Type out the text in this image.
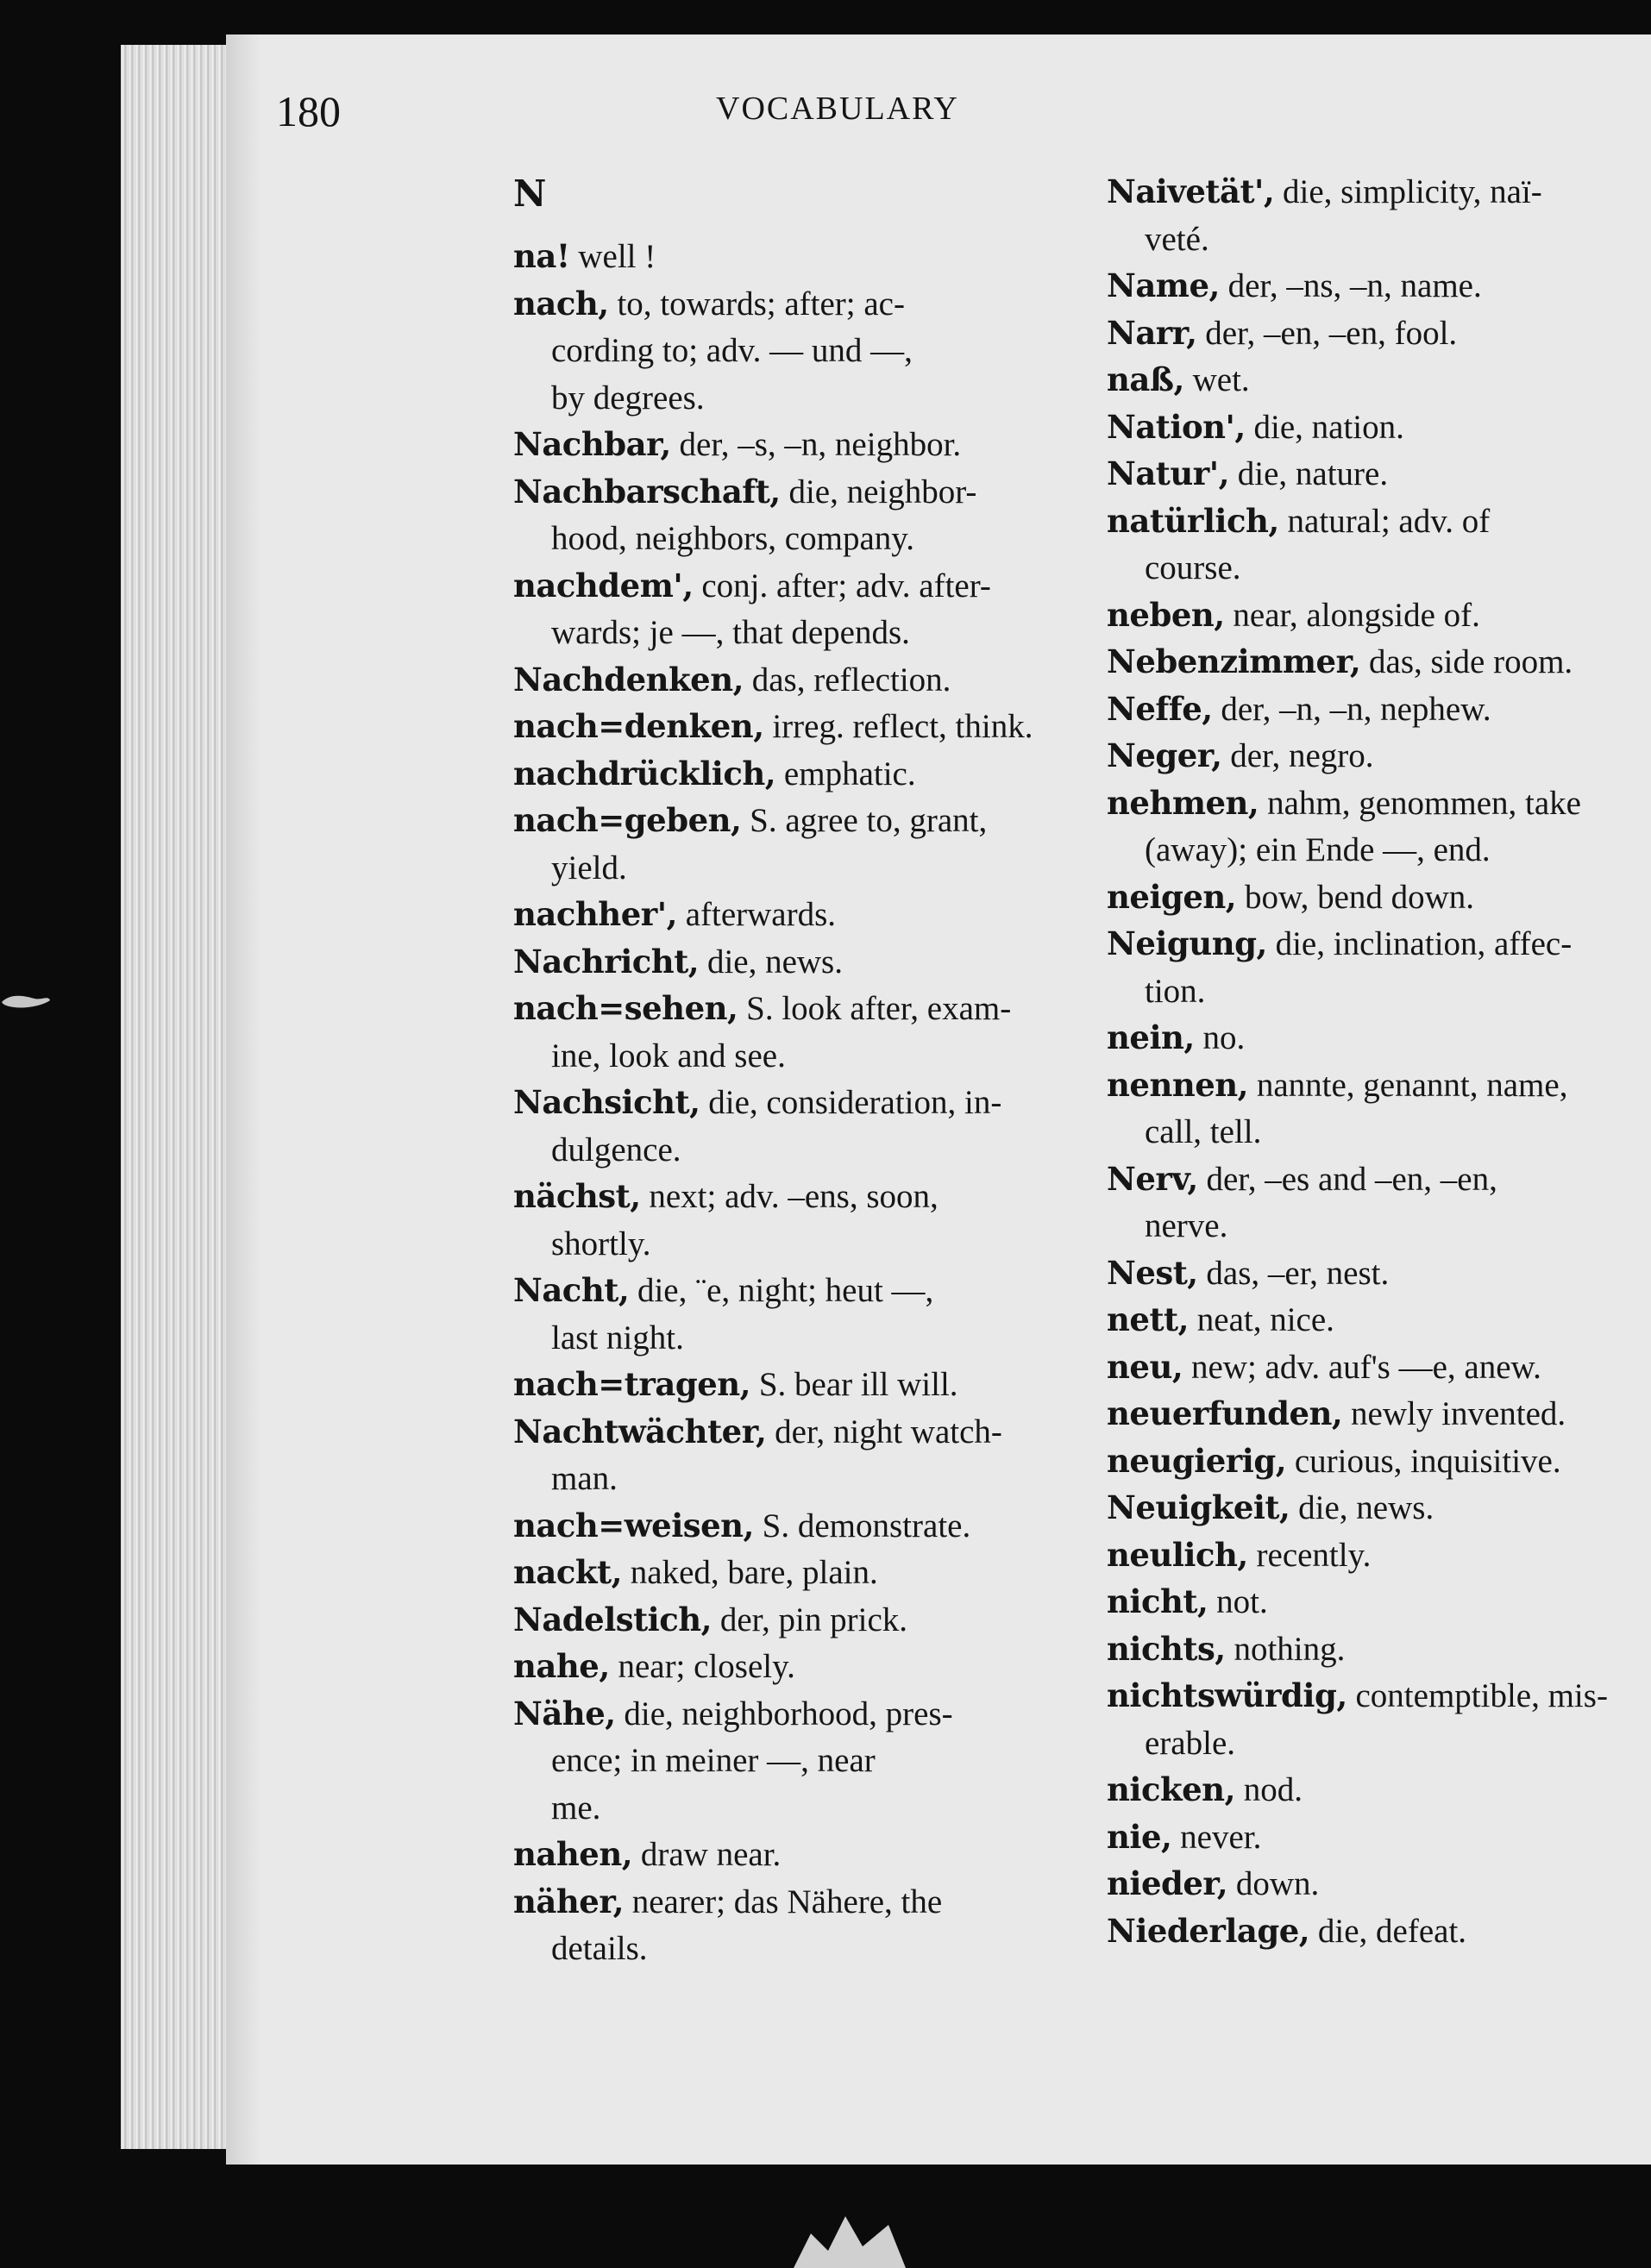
180	VOCABULARY
N
na! well !
nach, to, towards; after; ac-
cording to; adv. — und —,
by degrees.
Nachbar, der, –s, –n, neighbor.
Nachbarschaft, die, neighbor-
hood, neighbors, company.
nachdem', conj. after; adv. after-
wards; je —, that depends.
Nachdenken, das, reflection.
nach=denken, irreg. reflect, think.
nachdrücklich, emphatic.
nach=geben, S. agree to, grant,
yield.
nachher', afterwards.
Nachricht, die, news.
nach=sehen, S. look after, exam-
ine, look and see.
Nachsicht, die, consideration, in-
dulgence.
nächst, next; adv. –ens, soon,
shortly.
Nacht, die, ¨e, night; heut —,
last night.
nach=tragen, S. bear ill will.
Nachtwächter, der, night watch-
man.
nach=weisen, S. demonstrate.
nackt, naked, bare, plain.
Nadelstich, der, pin prick.
nahe, near; closely.
Nähe, die, neighborhood, pres-
ence; in meiner —, near
me.
nahen, draw near.
näher, nearer; das Nähere, the
details.
Naivetät', die, simplicity, naï-
veté.
Name, der, –ns, –n, name.
Narr, der, –en, –en, fool.
naß, wet.
Nation', die, nation.
Natur', die, nature.
natürlich, natural; adv. of
course.
neben, near, alongside of.
Nebenzimmer, das, side room.
Neffe, der, –n, –n, nephew.
Neger, der, negro.
nehmen, nahm, genommen, take
(away); ein Ende —, end.
neigen, bow, bend down.
Neigung, die, inclination, affec-
tion.
nein, no.
nennen, nannte, genannt, name,
call, tell.
Nerv, der, –es and –en, –en,
nerve.
Nest, das, –er, nest.
nett, neat, nice.
neu, new; adv. auf's —e, anew.
neuerfunden, newly invented.
neugierig, curious, inquisitive.
Neuigkeit, die, news.
neulich, recently.
nicht, not.
nichts, nothing.
nichtswürdig, contemptible, mis-
erable.
nicken, nod.
nie, never.
nieder, down.
Niederlage, die, defeat.
